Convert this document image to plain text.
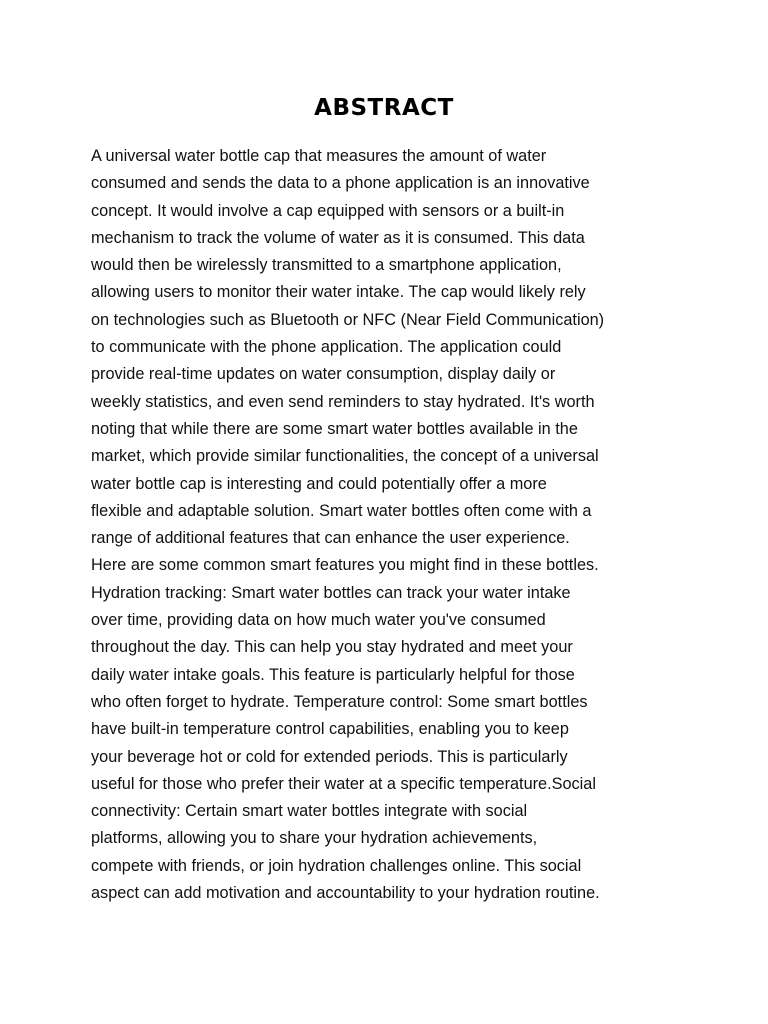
ABSTRACT
A universal water bottle cap that measures the amount of water
consumed and sends the data to a phone application is an innovative
concept. It would involve a cap equipped with sensors or a built-in
mechanism to track the volume of water as it is consumed. This data
would then be wirelessly transmitted to a smartphone application,
allowing users to monitor their water intake. The cap would likely rely
on technologies such as Bluetooth or NFC (Near Field Communication)
to communicate with the phone application. The application could
provide real-time updates on water consumption, display daily or
weekly statistics, and even send reminders to stay hydrated. It's worth
noting that while there are some smart water bottles available in the
market, which provide similar functionalities, the concept of a universal
water bottle cap is interesting and could potentially offer a more
flexible and adaptable solution. Smart water bottles often come with a
range of additional features that can enhance the user experience.
Here are some common smart features you might find in these bottles.
Hydration tracking: Smart water bottles can track your water intake
over time, providing data on how much water you've consumed
throughout the day. This can help you stay hydrated and meet your
daily water intake goals. This feature is particularly helpful for those
who often forget to hydrate. Temperature control: Some smart bottles
have built-in temperature control capabilities, enabling you to keep
your beverage hot or cold for extended periods. This is particularly
useful for those who prefer their water at a specific temperature.Social
connectivity: Certain smart water bottles integrate with social
platforms, allowing you to share your hydration achievements,
compete with friends, or join hydration challenges online. This social
aspect can add motivation and accountability to your hydration routine.
